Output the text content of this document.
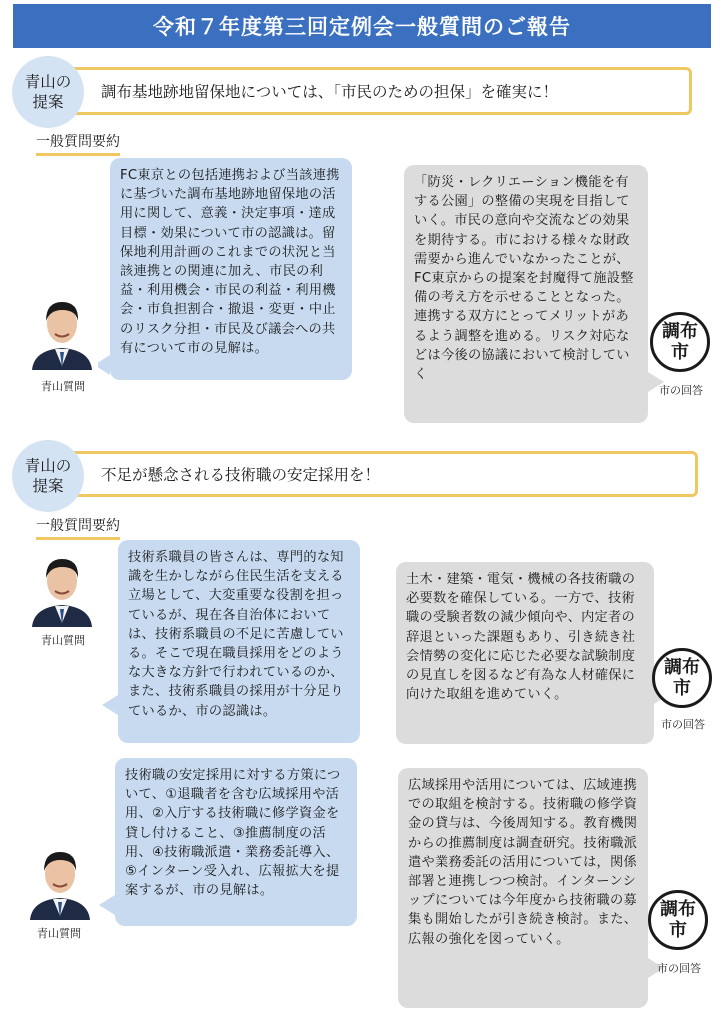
令和７年度第三回定例会一般質問のご報告
調布基地跡地留保地については、「市民のための担保」を確実に！
青山の
提案
一般質問要約
FC東京との包括連携および当該連携に基づいた調布基地跡地留保地の活用に関して、意義・決定事項・達成目標・効果について市の認識は。留保地利用計画のこれまでの状況と当該連携との関連に加え、市民の利益・利用機会・市民の利益・利用機会・市負担割合・撤退・変更・中止のリスク分担・市民及び議会への共有について市の見解は。
青山質問
「防災・レクリエーション機能を有する公園」の整備の実現を目指していく。市民の意向や交流などの効果を期待する。市における様々な財政需要から進んでいなかったことが、FC東京からの提案を封魔得て施設整備の考え方を示せることとなった。連携する双方にとってメリットがあるよう調整を進める。リスク対応などは今後の協議において検討していく
調布
市
市の回答
不足が懸念される技術職の安定採用を！
青山の
提案
一般質問要約
青山質問
技術系職員の皆さんは、専門的な知識を生かしながら住民生活を支える立場として、大変重要な役割を担っているが、現在各自治体においては、技術系職員の不足に苦慮している。そこで現在職員採用をどのような大きな方針で行われているのか、また、技術系職員の採用が十分足りているか、市の認識は。
土木・建築・電気・機械の各技術職の必要数を確保している。一方で、技術職の受験者数の減少傾向や、内定者の辞退といった課題もあり、引き続き社会情勢の変化に応じた必要な試験制度の見直しを図るなど有為な人材確保に向けた取組を進めていく。
調布
市
市の回答
技術職の安定採用に対する方策について、①退職者を含む広域採用や活用、②入庁する技術職に修学資金を貸し付けること、③推薦制度の活用、④技術職派遣・業務委託導入、⑤インターン受入れ、広報拡大を提案するが、市の見解は。
青山質問
広域採用や活用については、広域連携での取組を検討する。技術職の修学資金の貸与は、今後周知する。教育機関からの推薦制度は調査研究。技術職派遣や業務委託の活用については，関係部署と連携しつつ検討。インターンシップについては今年度から技術職の募集も開始したが引き続き検討。また、広報の強化を図っていく。
調布
市
市の回答
